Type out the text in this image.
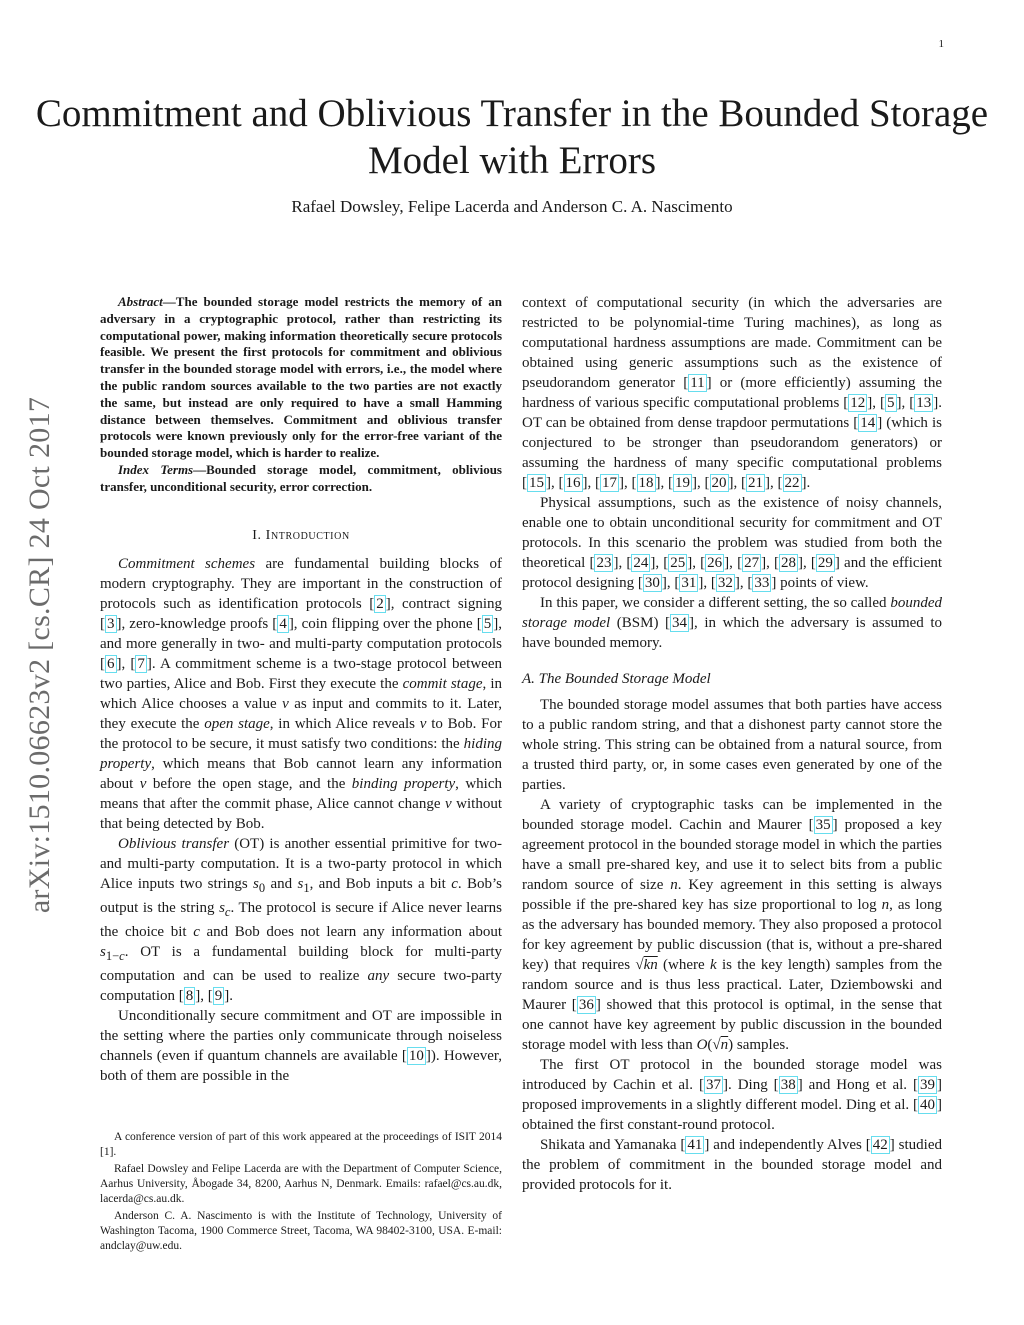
1
arXiv:1510.06623v2 [cs.CR] 24 Oct 2017
Commitment and Oblivious Transfer in the Bounded Storage Model with Errors

Rafael Dowsley, Felipe Lacerda and Anderson C. A. Nascimento

Abstract—The bounded storage model restricts the memory of an adversary in a cryptographic protocol, rather than restricting its computational power, making information theoretically secure protocols feasible. We present the first protocols for commitment and oblivious transfer in the bounded storage model with errors, i.e., the model where the public random sources available to the two parties are not exactly the same, but instead are only required to have a small Hamming distance between themselves. Commitment and oblivious transfer protocols were known previously only for the error-free variant of the bounded storage model, which is harder to realize.

Index Terms—Bounded storage model, commitment, oblivious transfer, unconditional security, error correction.

I. Introduction

Commitment schemes are fundamental building blocks of modern cryptography. They are important in the construction of protocols such as identification protocols [ 2 ], contract signing [ 3 ], zero-knowledge proofs [ 4 ], coin flipping over the phone [ 5 ], and more generally in two- and multi-party computation protocols [ 6 ], [ 7 ]. A commitment scheme is a two-stage protocol between two parties, Alice and Bob. First they execute the commit stage, in which Alice chooses a value v as input and commits to it. Later, they execute the open stage, in which Alice reveals v to Bob. For the protocol to be secure, it must satisfy two conditions: the hiding property, which means that Bob cannot learn any information about v before the open stage, and the binding property, which means that after the commit phase, Alice cannot change v without that being detected by Bob.

Oblivious transfer (OT) is another essential primitive for two- and multi-party computation. It is a two-party protocol in which Alice inputs two strings $s_0$ and $s_1$, and Bob inputs a bit c. Bob’s output is the string $s_c$. The protocol is secure if Alice never learns the choice bit c and Bob does not learn any information about $s_{1-c}$. OT is a fundamental building block for multi-party computation and can be used to realize any secure two-party computation [ 8 ], [ 9 ].

Unconditionally secure commitment and OT are impossible in the setting where the parties only communicate through noiseless channels (even if quantum channels are available [ 10 ]). However, both of them are possible in the

A conference version of part of this work appeared at the proceedings of ISIT 2014 [1].

Rafael Dowsley and Felipe Lacerda are with the Department of Computer Science, Aarhus University, Åbogade 34, 8200, Aarhus N, Denmark. Emails: rafael@cs.au.dk, lacerda@cs.au.dk.

Anderson C. A. Nascimento is with the Institute of Technology, University of Washington Tacoma, 1900 Commerce Street, Tacoma, WA 98402-3100, USA. E-mail: andclay@uw.edu.

context of computational security (in which the adversaries are restricted to be polynomial-time Turing machines), as long as computational hardness assumptions are made. Commitment can be obtained using generic assumptions such as the existence of pseudorandom generator [ 11 ] or (more efficiently) assuming the hardness of various specific computational problems [ 12 ], [ 5 ], [ 13 ]. OT can be obtained from dense trapdoor permutations [ 14 ] (which is conjectured to be stronger than pseudorandom generators) or assuming the hardness of many specific computational problems [ 15 ], [ 16 ], [ 17 ], [ 18 ], [ 19 ], [ 20 ], [ 21 ], [ 22 ].

Physical assumptions, such as the existence of noisy channels, enable one to obtain unconditional security for commitment and OT protocols. In this scenario the problem was studied from both the theoretical [ 23 ], [ 24 ], [ 25 ], [ 26 ], [ 27 ], [ 28 ], [ 29 ] and the efficient protocol designing [ 30 ], [ 31 ], [ 32 ], [ 33 ] points of view.

In this paper, we consider a different setting, the so called bounded storage model (BSM) [ 34 ], in which the adversary is assumed to have bounded memory.

A. The Bounded Storage Model

The bounded storage model assumes that both parties have access to a public random string, and that a dishonest party cannot store the whole string. This string can be obtained from a natural source, from a trusted third party, or, in some cases even generated by one of the parties.

A variety of cryptographic tasks can be implemented in the bounded storage model. Cachin and Maurer [ 35 ] proposed a key agreement protocol in the bounded storage model in which the parties have a small pre-shared key, and use it to select bits from a public random source of size n. Key agreement in this setting is always possible if the pre-shared key has size proportional to log n, as long as the adversary has bounded memory. They also proposed a protocol for key agreement by public discussion (that is, without a pre-shared key) that requires √kn (where k is the key length) samples from the random source and is thus less practical. Later, Dziembowski and Maurer [ 36 ] showed that this protocol is optimal, in the sense that one cannot have key agreement by public discussion in the bounded storage model with less than O(√n) samples.

The first OT protocol in the bounded storage model was introduced by Cachin et al. [ 37 ]. Ding [ 38 ] and Hong et al. [ 39 ] proposed improvements in a slightly different model. Ding et al. [ 40 ] obtained the first constant-round protocol.

Shikata and Yamanaka [ 41 ] and independently Alves [ 42 ] studied the problem of commitment in the bounded storage model and provided protocols for it.
